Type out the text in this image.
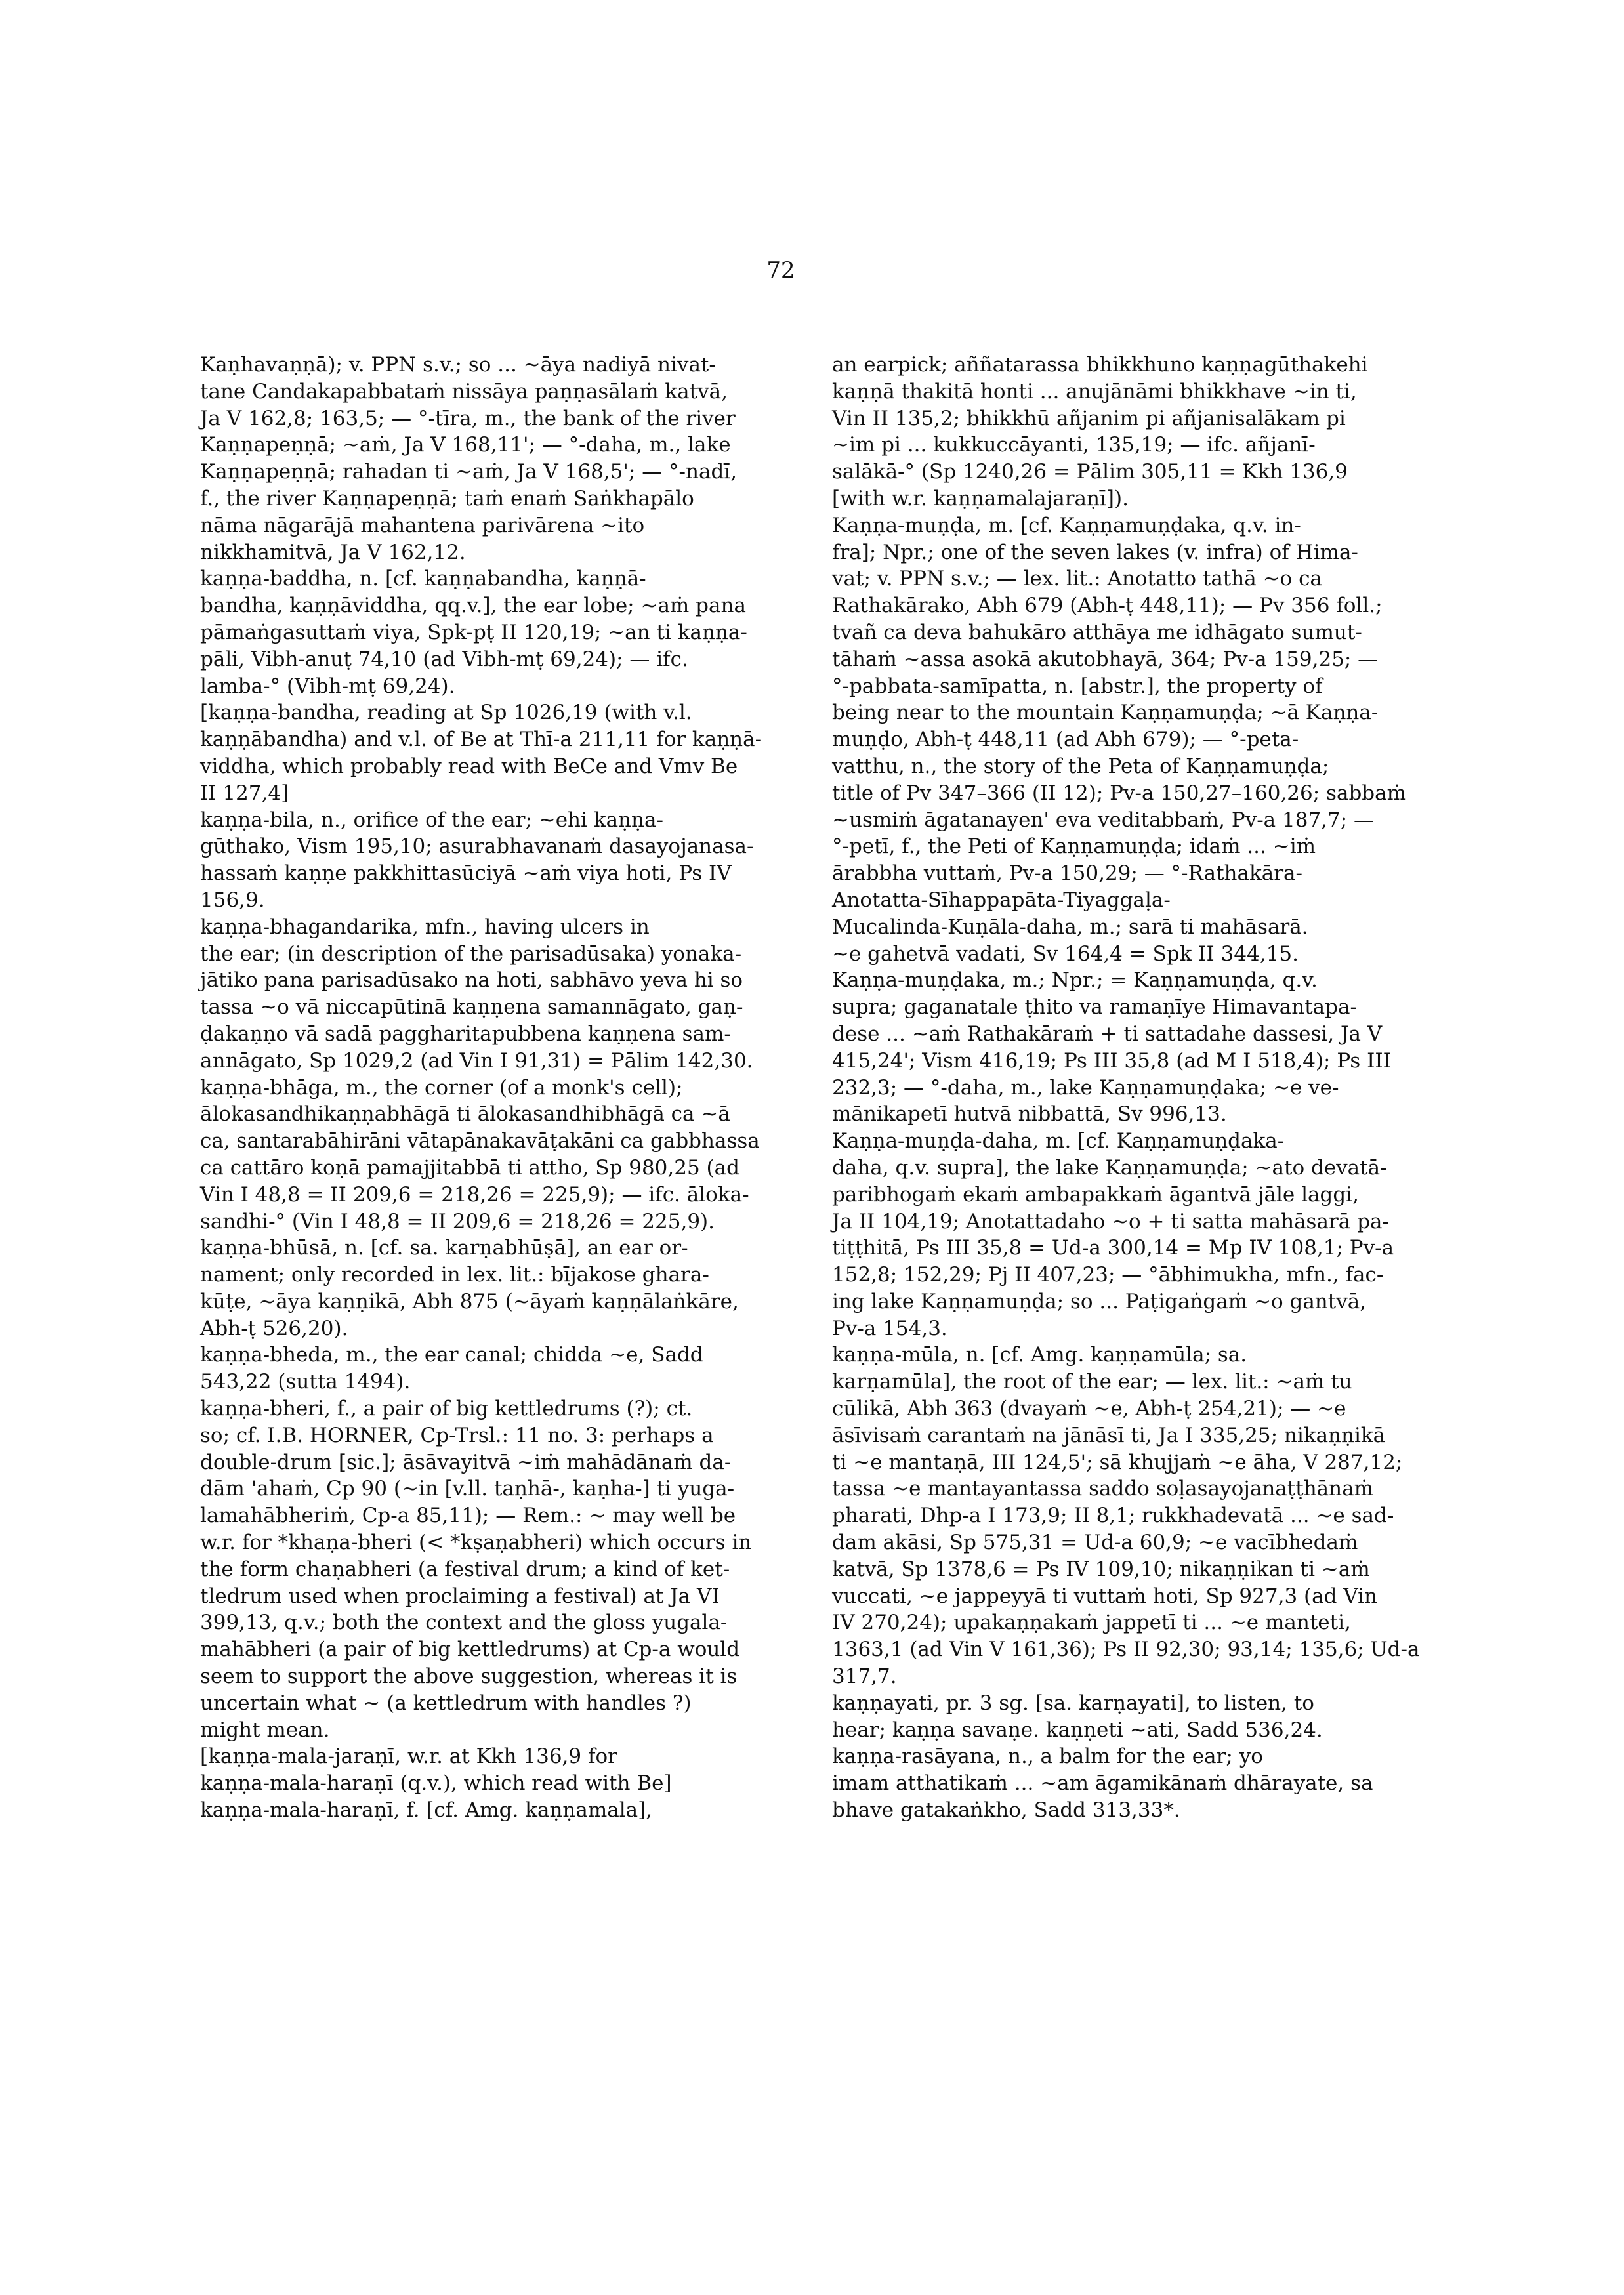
72
Kaṇhavaṇṇā); v. PPN s.v.; so ... ~āya nadiyā nivat-
tane Candakapabbataṁ nissāya paṇṇasālaṁ katvā,
Ja V 162,8; 163,5; — °-tīra, m., the bank of the river
Kaṇṇapeṇṇā; ~aṁ, Ja V 168,11'; — °-daha, m., lake
Kaṇṇapeṇṇā; rahadan ti ~aṁ, Ja V 168,5'; — °-nadī,
f., the river Kaṇṇapeṇṇā; taṁ enaṁ Saṅkhapālo
nāma nāgarājā mahantena parivārena ~ito
nikkhamitvā, Ja V 162,12.
kaṇṇa-baddha, n. [cf. kaṇṇabandha, kaṇṇā-
bandha, kaṇṇāviddha, qq.v.], the ear lobe; ~aṁ pana
pāmaṅgasuttaṁ viya, Spk-pṭ II 120,19; ~an ti kaṇṇa-
pāli, Vibh-anuṭ 74,10 (ad Vibh-mṭ 69,24); — ifc.
lamba-° (Vibh-mṭ 69,24).
[kaṇṇa-bandha, reading at Sp 1026,19 (with v.l.
kaṇṇābandha) and v.l. of Be at Thī-a 211,11 for kaṇṇā-
viddha, which probably read with BeCe and Vmv Be
II 127,4]
kaṇṇa-bila, n., orifice of the ear; ~ehi kaṇṇa-
gūthako, Vism 195,10; asurabhavanaṁ dasayojanasa-
hassaṁ kaṇṇe pakkhittasūciyā ~aṁ viya hoti, Ps IV
156,9.
kaṇṇa-bhagandarika, mfn., having ulcers in
the ear; (in description of the parisadūsaka) yonaka-
jātiko pana parisadūsako na hoti, sabhāvo yeva hi so
tassa ~o vā niccapūtinā kaṇṇena samannāgato, gaṇ-
ḍakaṇṇo vā sadā paggharitapubbena kaṇṇena sam-
annāgato, Sp 1029,2 (ad Vin I 91,31) = Pālim 142,30.
kaṇṇa-bhāga, m., the corner (of a monk's cell);
ālokasandhikaṇṇabhāgā ti ālokasandhibhāgā ca ~ā
ca, santarabāhirāni vātapānakavāṭakāni ca gabbhassa
ca cattāro koṇā pamajjitabbā ti attho, Sp 980,25 (ad
Vin I 48,8 = II 209,6 = 218,26 = 225,9); — ifc. āloka-
sandhi-° (Vin I 48,8 = II 209,6 = 218,26 = 225,9).
kaṇṇa-bhūsā, n. [cf. sa. karṇabhūṣā], an ear or-
nament; only recorded in lex. lit.: bījakose ghara-
kūṭe, ~āya kaṇṇikā, Abh 875 (~āyaṁ kaṇṇālaṅkāre,
Abh-ṭ 526,20).
kaṇṇa-bheda, m., the ear canal; chidda ~e, Sadd
543,22 (sutta 1494).
kaṇṇa-bheri, f., a pair of big kettledrums (?); ct.
so; cf. I.B. HORNER, Cp-Trsl.: 11 no. 3: perhaps a
double-drum [sic.]; āsāvayitvā ~iṁ mahādānaṁ da-
dām 'ahaṁ, Cp 90 (~in [v.ll. taṇhā-, kaṇha-] ti yuga-
lamahābheriṁ, Cp-a 85,11); — Rem.: ~ may well be
w.r. for *khaṇa-bheri (< *kṣaṇabheri) which occurs in
the form chaṇabheri (a festival drum; a kind of ket-
tledrum used when proclaiming a festival) at Ja VI
399,13, q.v.; both the context and the gloss yugala-
mahābheri (a pair of big kettledrums) at Cp-a would
seem to support the above suggestion, whereas it is
uncertain what ~ (a kettledrum with handles ?)
might mean.
[kaṇṇa-mala-jaraṇī, w.r. at Kkh 136,9 for
kaṇṇa-mala-haraṇī (q.v.), which read with Be]
kaṇṇa-mala-haraṇī, f. [cf. Amg. kaṇṇamala],
an earpick; aññatarassa bhikkhuno kaṇṇagūthakehi
kaṇṇā thakitā honti ... anujānāmi bhikkhave ~in ti,
Vin II 135,2; bhikkhū añjanim pi añjanisalākam pi
~im pi ... kukkuccāyanti, 135,19; — ifc. añjanī-
salākā-° (Sp 1240,26 = Pālim 305,11 = Kkh 136,9
[with w.r. kaṇṇamalajaraṇī]).
Kaṇṇa-muṇḍa, m. [cf. Kaṇṇamuṇḍaka, q.v. in-
fra]; Npr.; one of the seven lakes (v. infra) of Hima-
vat; v. PPN s.v.; — lex. lit.: Anotatto tathā ~o ca
Rathakārako, Abh 679 (Abh-ṭ 448,11); — Pv 356 foll.;
tvañ ca deva bahukāro atthāya me idhāgato sumut-
tāhaṁ ~assa asokā akutobhayā, 364; Pv-a 159,25; —
°-pabbata-samīpatta, n. [abstr.], the property of
being near to the mountain Kaṇṇamuṇḍa; ~ā Kaṇṇa-
muṇḍo, Abh-ṭ 448,11 (ad Abh 679); — °-peta-
vatthu, n., the story of the Peta of Kaṇṇamuṇḍa;
title of Pv 347–366 (II 12); Pv-a 150,27–160,26; sabbaṁ
~usmiṁ āgatanayen' eva veditabbaṁ, Pv-a 187,7; —
°-petī, f., the Peti of Kaṇṇamuṇḍa; idaṁ ... ~iṁ
ārabbha vuttaṁ, Pv-a 150,29; — °-Rathakāra-
Anotatta-Sīhappapāta-Tiyaggaḷa-
Mucalinda-Kuṇāla-daha, m.; sarā ti mahāsarā.
~e gahetvā vadati, Sv 164,4 = Spk II 344,15.
Kaṇṇa-muṇḍaka, m.; Npr.; = Kaṇṇamuṇḍa, q.v.
supra; gaganatale ṭhito va ramaṇīye Himavantapa-
dese ... ~aṁ Rathakāraṁ + ti sattadahe dassesi, Ja V
415,24'; Vism 416,19; Ps III 35,8 (ad M I 518,4); Ps III
232,3; — °-daha, m., lake Kaṇṇamuṇḍaka; ~e ve-
mānikapetī hutvā nibbattā, Sv 996,13.
Kaṇṇa-muṇḍa-daha, m. [cf. Kaṇṇamuṇḍaka-
daha, q.v. supra], the lake Kaṇṇamuṇḍa; ~ato devatā-
paribhogaṁ ekaṁ ambapakkaṁ āgantvā jāle laggi,
Ja II 104,19; Anotattadaho ~o + ti satta mahāsarā pa-
tiṭṭhitā, Ps III 35,8 = Ud-a 300,14 = Mp IV 108,1; Pv-a
152,8; 152,29; Pj II 407,23; — °ābhimukha, mfn., fac-
ing lake Kaṇṇamuṇḍa; so ... Paṭigaṅgaṁ ~o gantvā,
Pv-a 154,3.
kaṇṇa-mūla, n. [cf. Amg. kaṇṇamūla; sa.
karṇamūla], the root of the ear; — lex. lit.: ~aṁ tu
cūlikā, Abh 363 (dvayaṁ ~e, Abh-ṭ 254,21); — ~e
āsīvisaṁ carantaṁ na jānāsī ti, Ja I 335,25; nikaṇṇikā
ti ~e mantaṇā, III 124,5'; sā khujjaṁ ~e āha, V 287,12;
tassa ~e mantayantassa saddo soḷasayojanaṭṭhānaṁ
pharati, Dhp-a I 173,9; II 8,1; rukkhadevatā ... ~e sad-
dam akāsi, Sp 575,31 = Ud-a 60,9; ~e vacībhedaṁ
katvā, Sp 1378,6 = Ps IV 109,10; nikaṇṇikan ti ~aṁ
vuccati, ~e jappeyyā ti vuttaṁ hoti, Sp 927,3 (ad Vin
IV 270,24); upakaṇṇakaṁ jappetī ti ... ~e manteti,
1363,1 (ad Vin V 161,36); Ps II 92,30; 93,14; 135,6; Ud-a
317,7.
kaṇṇayati, pr. 3 sg. [sa. karṇayati], to listen, to
hear; kaṇṇa savaṇe. kaṇṇeti ~ati, Sadd 536,24.
kaṇṇa-rasāyana, n., a balm for the ear; yo
imam atthatikaṁ ... ~am āgamikānaṁ dhārayate, sa
bhave gatakaṅkho, Sadd 313,33*.
